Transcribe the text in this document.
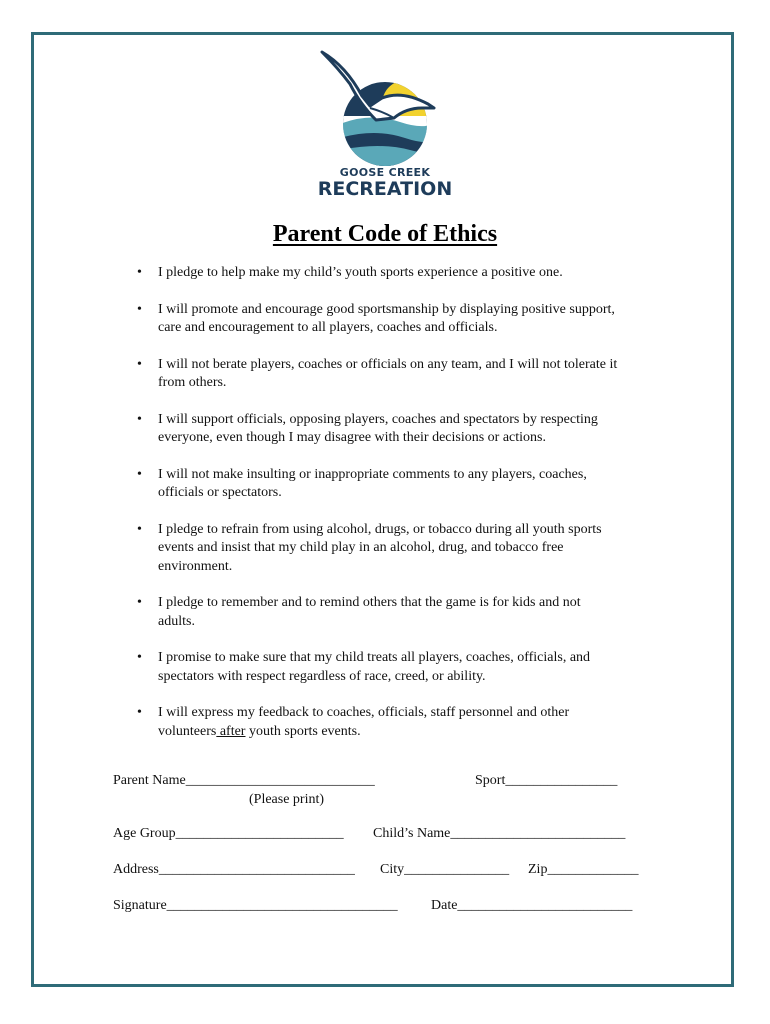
GOOSE CREEK
RECREATION
Parent Code of Ethics
• I pledge to help make my child’s youth sports experience a positive one.
• I will promote and encourage good sportsmanship by displaying positive support,
care and encouragement to all players, coaches and officials.
• I will not berate players, coaches or officials on any team, and I will not tolerate it
from others.
• I will support officials, opposing players, coaches and spectators by respecting
everyone, even though I may disagree with their decisions or actions.
• I will not make insulting or inappropriate comments to any players, coaches,
officials or spectators.
• I pledge to refrain from using alcohol, drugs, or tobacco during all youth sports
events and insist that my child play in an alcohol, drug, and tobacco free
environment.
• I pledge to remember and to remind others that the game is for kids and not
adults.
• I promise to make sure that my child treats all players, coaches, officials, and
spectators with respect regardless of race, creed, or ability.
• I will express my feedback to coaches, officials, staff personnel and other
volunteers after youth sports events.
Parent Name___________________________	Sport________________
(Please print)
Age Group________________________ Child’s Name_________________________
Address____________________________ City_______________ Zip_____________
Signature_________________________________ Date_________________________
